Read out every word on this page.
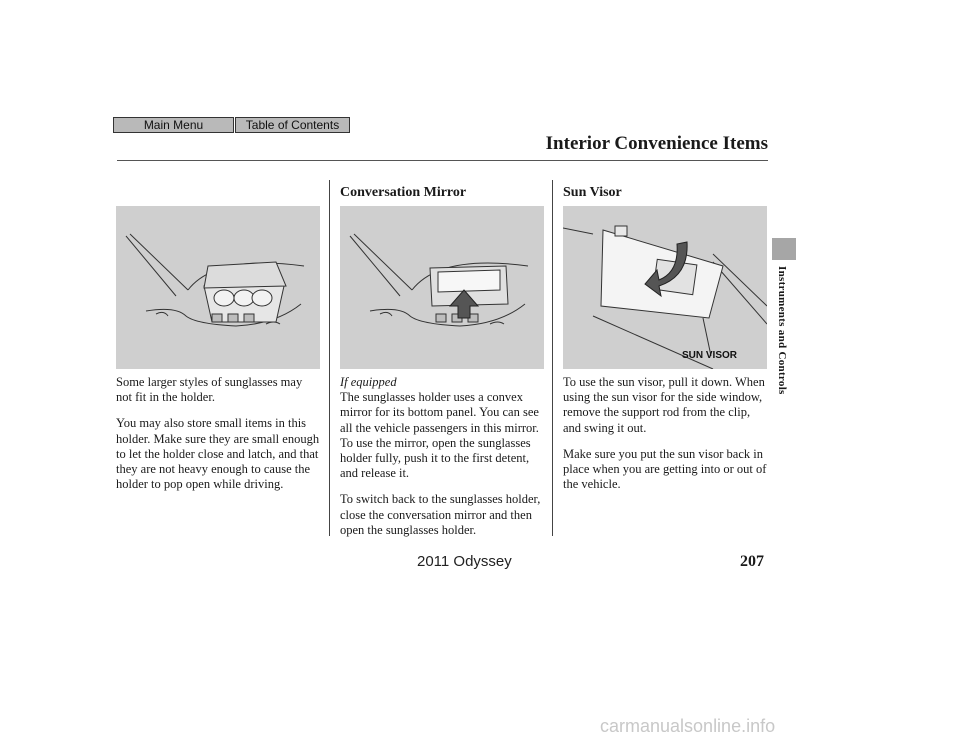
Main Menu	Table of Contents
Interior Convenience Items
Conversation Mirror	Sun Visor
SUN VISOR

Some larger styles of sunglasses may not fit in the holder.

You may also store small items in this holder. Make sure they are small enough to let the holder close and latch, and that they are not heavy enough to cause the holder to pop open while driving.

If equipped

The sunglasses holder uses a convex mirror for its bottom panel. You can see all the vehicle passengers in this mirror. To use the mirror, open the sunglasses holder fully, push it to the first detent, and release it.

To switch back to the sunglasses holder, close the conversation mirror and then open the sunglasses holder.

To use the sun visor, pull it down. When using the sun visor for the side window, remove the support rod from the clip, and swing it out.

Make sure you put the sun visor back in place when you are getting into or out of the vehicle.

Instruments and Controls
2011 Odyssey	207
carmanualsonline.info
